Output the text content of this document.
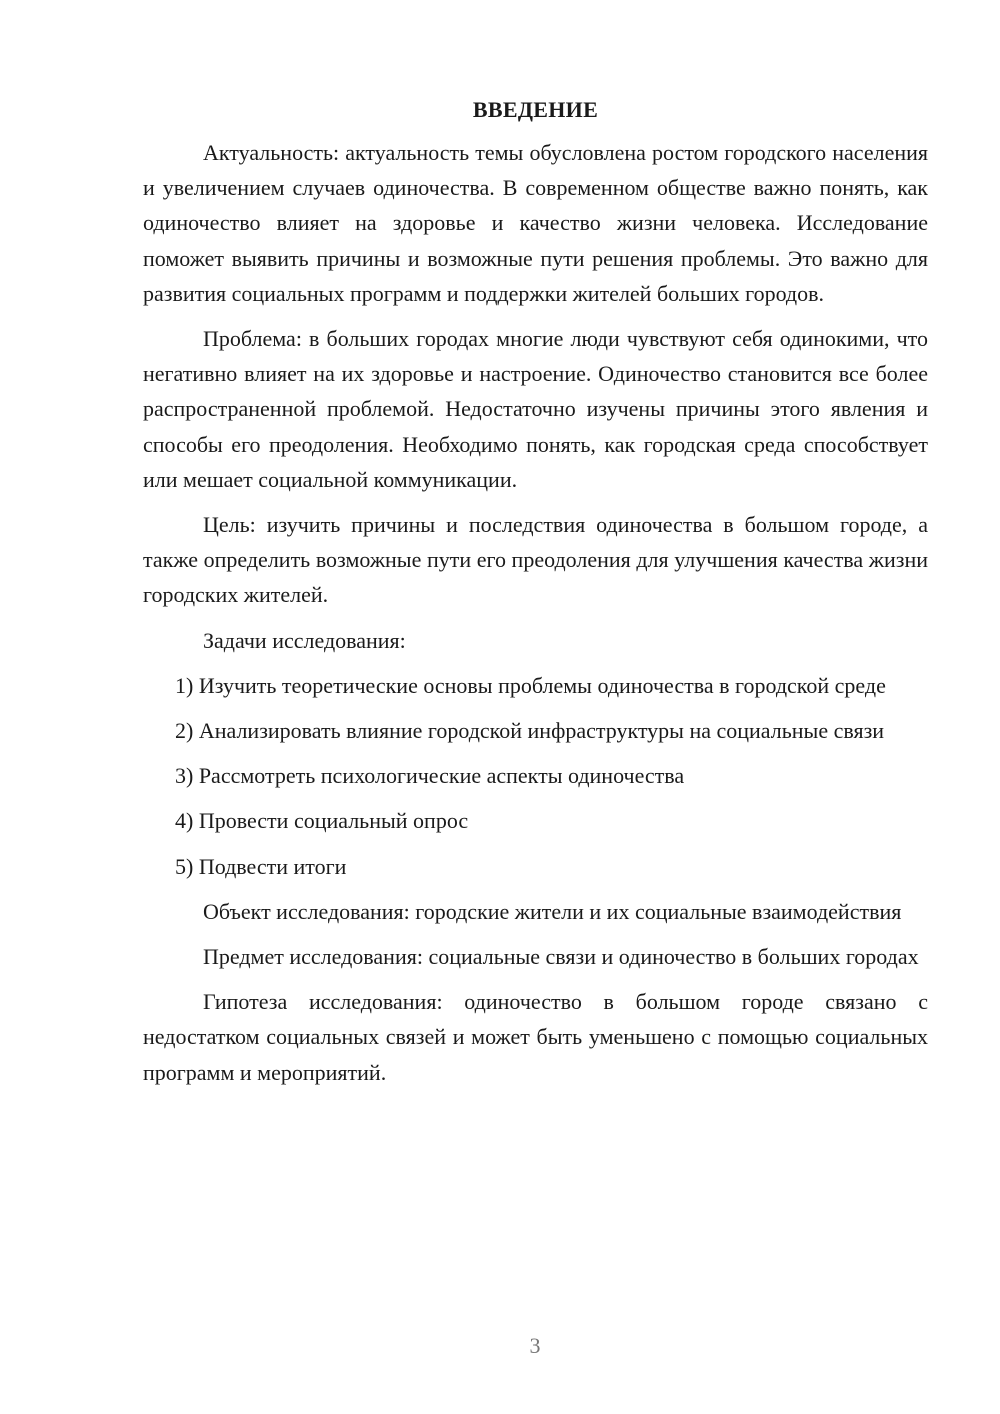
ВВЕДЕНИЕ

Актуальность: актуальность темы обусловлена ростом городского населения и увеличением случаев одиночества. В современном обществе важно понять, как одиночество влияет на здоровье и качество жизни человека. Исследование поможет выявить причины и возможные пути решения проблемы. Это важно для развития социальных программ и поддержки жителей больших городов.

Проблема: в больших городах многие люди чувствуют себя одинокими, что негативно влияет на их здоровье и настроение. Одиночество становится все более распространенной проблемой. Недостаточно изучены причины этого явления и способы его преодоления. Необходимо понять, как городская среда способствует или мешает социальной коммуникации.

Цель: изучить причины и последствия одиночества в большом городе, а также определить возможные пути его преодоления для улучшения качества жизни городских жителей.

Задачи исследования:

1) Изучить теоретические основы проблемы одиночества в городской среде

2) Анализировать влияние городской инфраструктуры на социальные связи

3) Рассмотреть психологические аспекты одиночества

4) Провести социальный опрос

5) Подвести итоги

Объект исследования: городские жители и их социальные взаимодействия

Предмет исследования: социальные связи и одиночество в больших городах

Гипотеза исследования: одиночество в большом городе связано с недостатком социальных связей и может быть уменьшено с помощью социальных программ и мероприятий.

3
